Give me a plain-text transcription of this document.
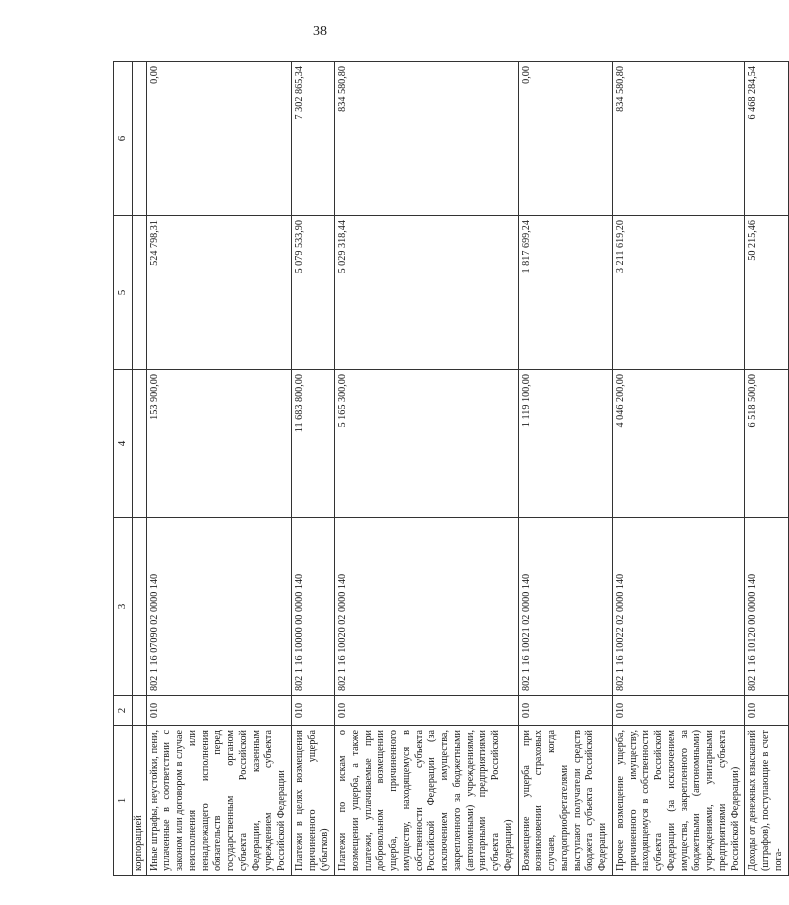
38
1	2	3	4	5	6
корпорацией					
Иные штрафы, неустойки, пени, уплаченные в соответствии с законом или договором в случае неисполнения или ненадлежащего исполнения обязательств перед государственным органом субъекта Российской Федерации, казенным учреждением субъекта Российской Федерации	010	802 1 16 07090 02 0000 140	153 900,00	524 798,31	0,00
Платежи в целях возмещения причиненного ущерба (убытков)	010	802 1 16 10000 00 0000 140	11 683 800,00	5 079 533,90	7 302 865,34
Платежи по искам о возмещении ущерба, а также платежи, уплачиваемые при добровольном возмещении ущерба, причиненного имуществу, находящемуся в собственности субъекта Российской Федерации (за исключением имущества, закрепленного за бюджетными (автономными) учреждениями, унитарными предприятиями субъекта Российской Федерации)	010	802 1 16 10020 02 0000 140	5 165 300,00	5 029 318,44	834 580,80
Возмещение ущерба при возникновении страховых случаев, когда выгодоприобретателями выступают получатели средств бюджета субъекта Российской Федерации	010	802 1 16 10021 02 0000 140	1 119 100,00	1 817 699,24	0,00
Прочее возмещение ущерба, причиненного имуществу, находящемуся в собственности субъекта Российской Федерации (за исключением имущества, закрепленного за бюджетными (автономными) учреждениями, унитарными предприятиями субъекта Российской Федерации)	010	802 1 16 10022 02 0000 140	4 046 200,00	3 211 619,20	834 580,80
Доходы от денежных взысканий (штрафов), поступающие в счет пога-	010	802 1 16 10120 00 0000 140	6 518 500,00	50 215,46	6 468 284,54
